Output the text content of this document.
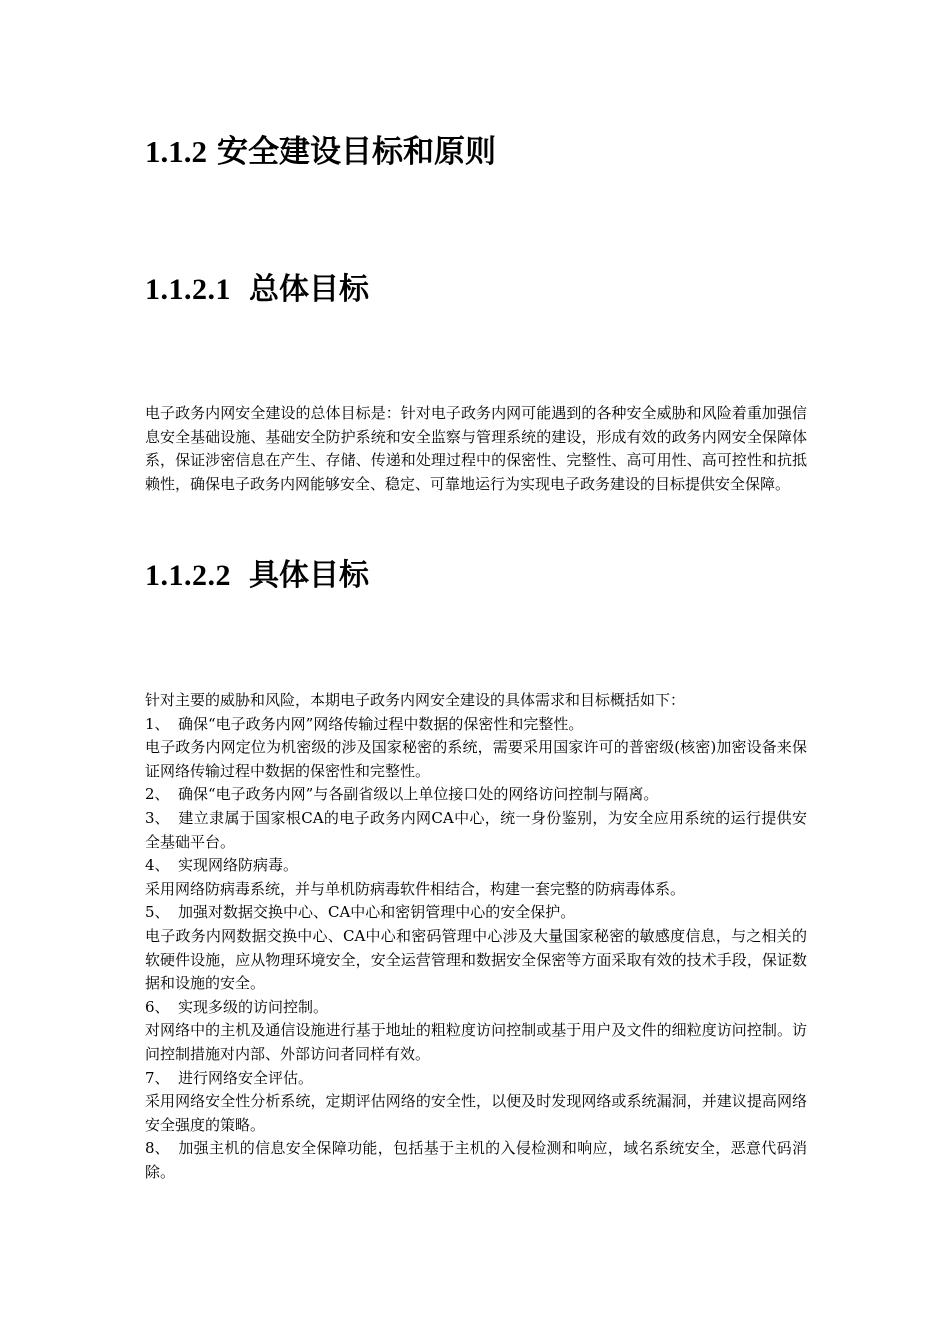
1.1.2 安全建设目标和原则
1.1.2.1 总体目标

电子政务内网安全建设的总体目标是：针对电子政务内网可能遇到的各种安全威胁和风险着重加强信息安全基础设施、基础安全防护系统和安全监察与管理系统的建设，形成有效的政务内网安全保障体系，保证涉密信息在产生、存储、传递和处理过程中的保密性、完整性、高可用性、高可控性和抗抵赖性，确保电子政务内网能够安全、稳定、可靠地运行为实现电子政务建设的目标提供安全保障。

1.1.2.2 具体目标

针对主要的威胁和风险，本期电子政务内网安全建设的具体需求和目标概括如下：

1、 确保“电子政务内网”网络传输过程中数据的保密性和完整性。

电子政务内网定位为机密级的涉及国家秘密的系统，需要采用国家许可的普密级(核密)加密设备来保证网络传输过程中数据的保密性和完整性。

2、 确保“电子政务内网”与各副省级以上单位接口处的网络访问控制与隔离。

3、 建立隶属于国家根CA的电子政务内网CA中心，统一身份鉴别，为安全应用系统的运行提供安全基础平台。

4、 实现网络防病毒。

采用网络防病毒系统，并与单机防病毒软件相结合，构建一套完整的防病毒体系。

5、 加强对数据交换中心、CA中心和密钥管理中心的安全保护。

电子政务内网数据交换中心、CA中心和密码管理中心涉及大量国家秘密的敏感度信息，与之相关的软硬件设施，应从物理环境安全，安全运营管理和数据安全保密等方面采取有效的技术手段，保证数据和设施的安全。

6、 实现多级的访问控制。

对网络中的主机及通信设施进行基于地址的粗粒度访问控制或基于用户及文件的细粒度访问控制。访问控制措施对内部、外部访问者同样有效。

7、 进行网络安全评估。

采用网络安全性分析系统，定期评估网络的安全性，以便及时发现网络或系统漏洞，并建议提高网络安全强度的策略。

8、 加强主机的信息安全保障功能，包括基于主机的入侵检测和响应，域名系统安全，恶意代码消除。
